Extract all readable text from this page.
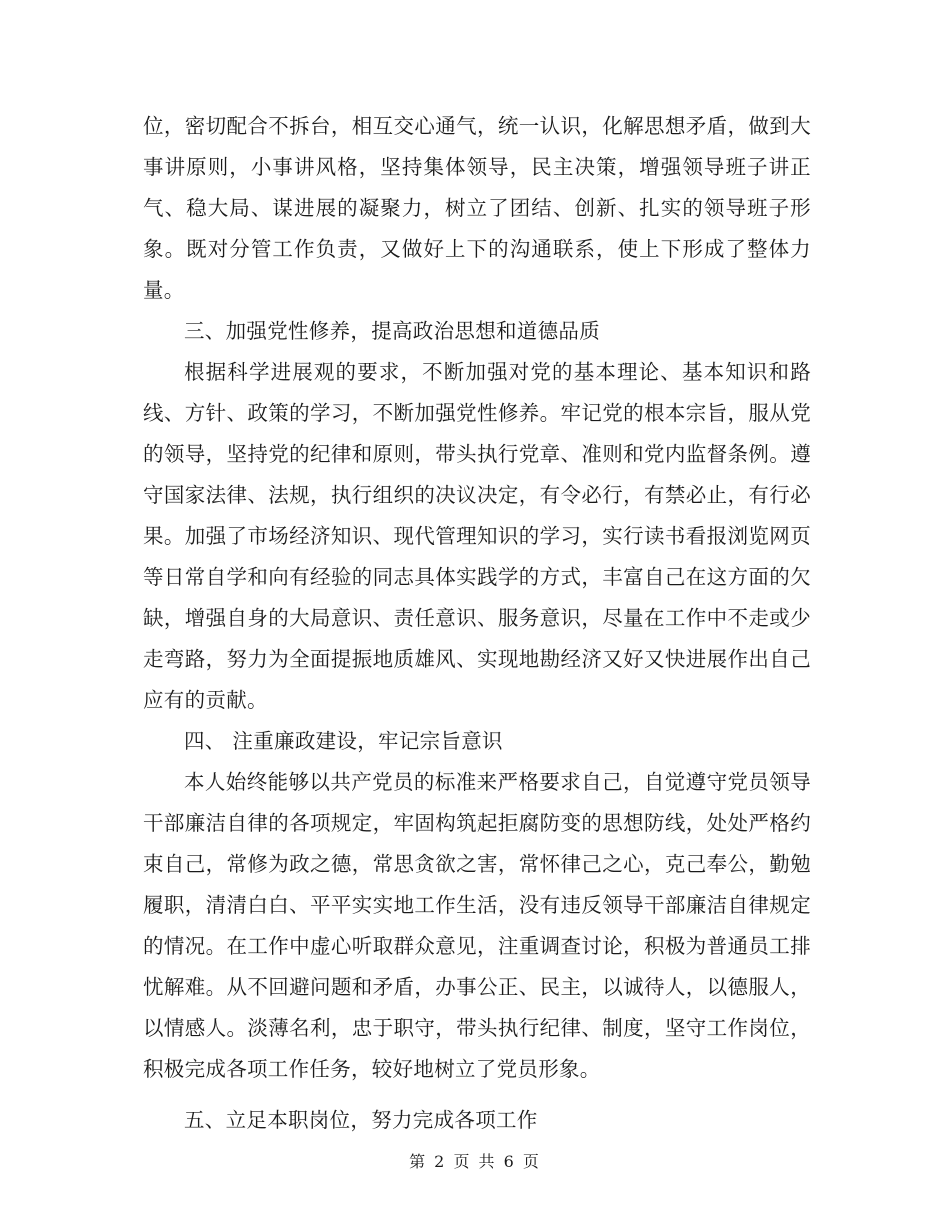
位，密切配合不拆台，相互交心通气，统一认识，化解思想矛盾，做到大事讲原则，小事讲风格，坚持集体领导，民主决策，增强领导班子讲正气、稳大局、谋进展的凝聚力，树立了团结、创新、扎实的领导班子形象。既对分管工作负责，又做好上下的沟通联系，使上下形成了整体力量。

三、加强党性修养，提高政治思想和道德品质

根据科学进展观的要求，不断加强对党的基本理论、基本知识和路线、方针、政策的学习，不断加强党性修养。牢记党的根本宗旨，服从党的领导，坚持党的纪律和原则，带头执行党章、准则和党内监督条例。遵守国家法律、法规，执行组织的决议决定，有令必行，有禁必止，有行必果。加强了市场经济知识、现代管理知识的学习，实行读书看报浏览网页等日常自学和向有经验的同志具体实践学的方式，丰富自己在这方面的欠缺，增强自身的大局意识、责任意识、服务意识，尽量在工作中不走或少走弯路，努力为全面提振地质雄风、实现地勘经济又好又快进展作出自己应有的贡献。

四、 注重廉政建设，牢记宗旨意识

本人始终能够以共产党员的标准来严格要求自己，自觉遵守党员领导干部廉洁自律的各项规定，牢固构筑起拒腐防变的思想防线，处处严格约束自己，常修为政之德，常思贪欲之害，常怀律己之心，克己奉公，勤勉履职，清清白白、平平实实地工作生活，没有违反领导干部廉洁自律规定的情况。在工作中虚心听取群众意见，注重调查讨论，积极为普通员工排忧解难。从不回避问题和矛盾，办事公正、民主，以诚待人，以德服人，以情感人。淡薄名利，忠于职守，带头执行纪律、制度，坚守工作岗位，积极完成各项工作任务，较好地树立了党员形象。

五、立足本职岗位，努力完成各项工作

第 2 页 共 6 页
